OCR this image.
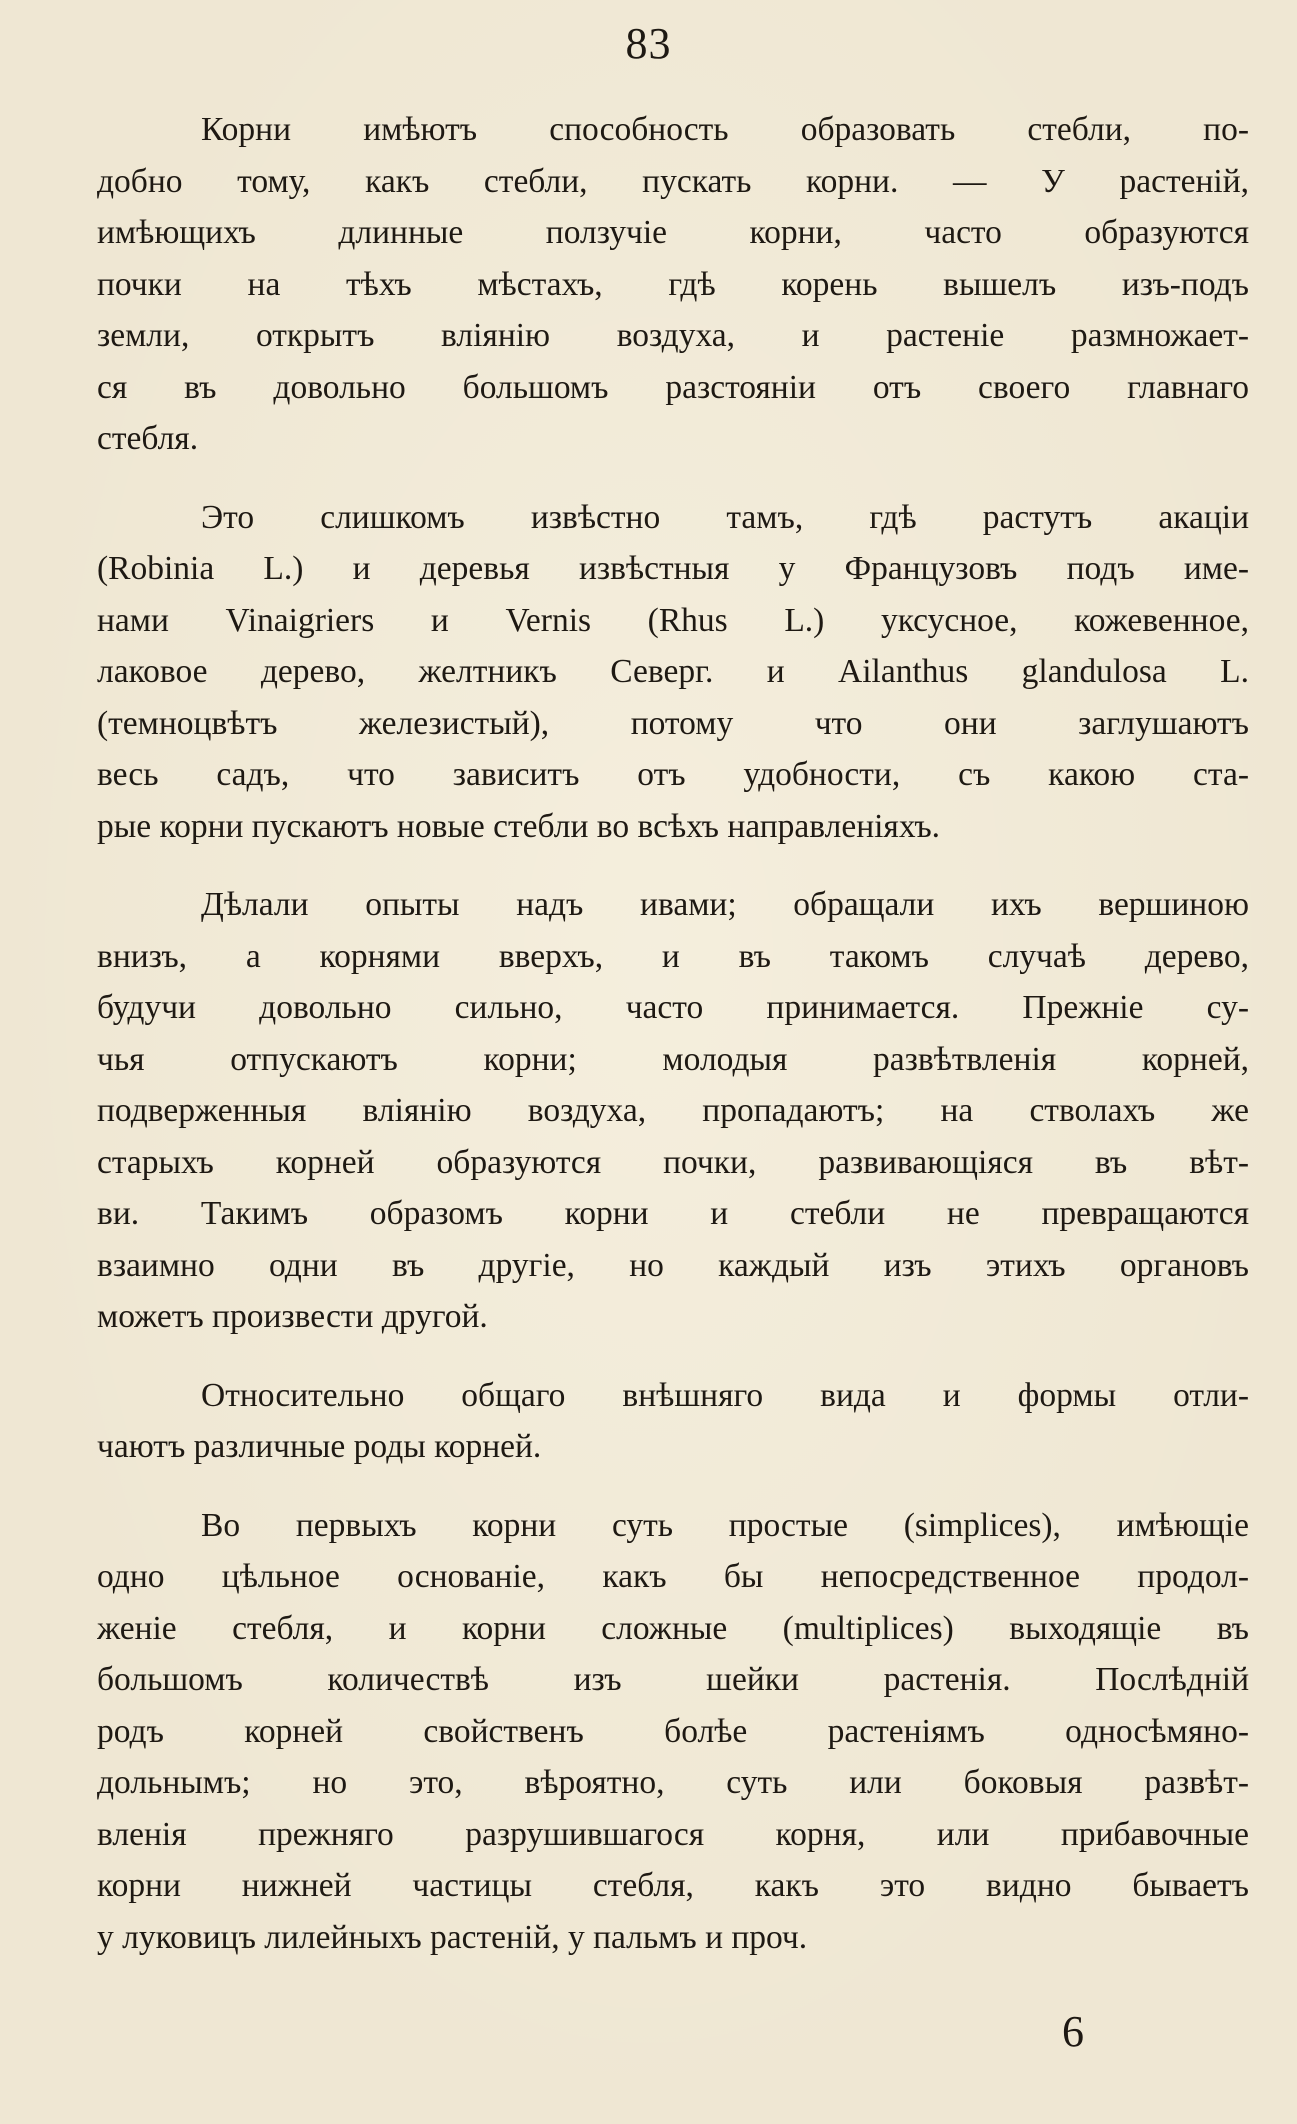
83
Корни имѣютъ способность образовать стебли, по-
добно тому, какъ стебли, пускать корни. — У растеній,
имѣющихъ длинные ползучіе корни, часто образуются
почки на тѣхъ мѣстахъ, гдѣ корень вышелъ изъ-подъ
земли, открытъ вліянію воздуха, и растеніе размножает-
ся въ довольно большомъ разстояніи отъ своего главнаго
стебля.
Это слишкомъ извѣстно тамъ, гдѣ растутъ акаціи
(Robinia L.) и деревья извѣстныя у Французовъ подъ име-
нами Vinaigriers и Vernis (Rhus L.) уксусное, кожевенное,
лаковое дерево, желтникъ Северг. и Ailanthus glandulosa L.
(темноцвѣтъ железистый), потому что они заглушаютъ
весь садъ, что зависитъ отъ удобности, съ какою ста-
рые корни пускаютъ новые стебли во всѣхъ направленіяхъ.
Дѣлали опыты надъ ивами; обращали ихъ вершиною
внизъ, а корнями вверхъ, и въ такомъ случаѣ дерево,
будучи довольно сильно, часто принимается. Прежніе су-
чья отпускаютъ корни; молодыя развѣтвленія корней,
подверженныя вліянію воздуха, пропадаютъ; на стволахъ же
старыхъ корней образуются почки, развивающіяся въ вѣт-
ви. Такимъ образомъ корни и стебли не превращаются
взаимно одни въ другіе, но каждый изъ этихъ органовъ
можетъ произвести другой.
Относительно общаго внѣшняго вида и формы отли-
чаютъ различные роды корней.
Во первыхъ корни суть простые (simplices), имѣющіе
одно цѣльное основаніе, какъ бы непосредственное продол-
женіе стебля, и корни сложные (multiplices) выходящіе въ
большомъ количествѣ изъ шейки растенія. Послѣдній
родъ корней свойственъ болѣе растеніямъ односѣмяно-
дольнымъ; но это, вѣроятно, суть или боковыя развѣт-
вленія прежняго разрушившагося корня, или прибавочные
корни нижней частицы стебля, какъ это видно бываетъ
у луковицъ лилейныхъ растеній, у пальмъ и проч.
6
